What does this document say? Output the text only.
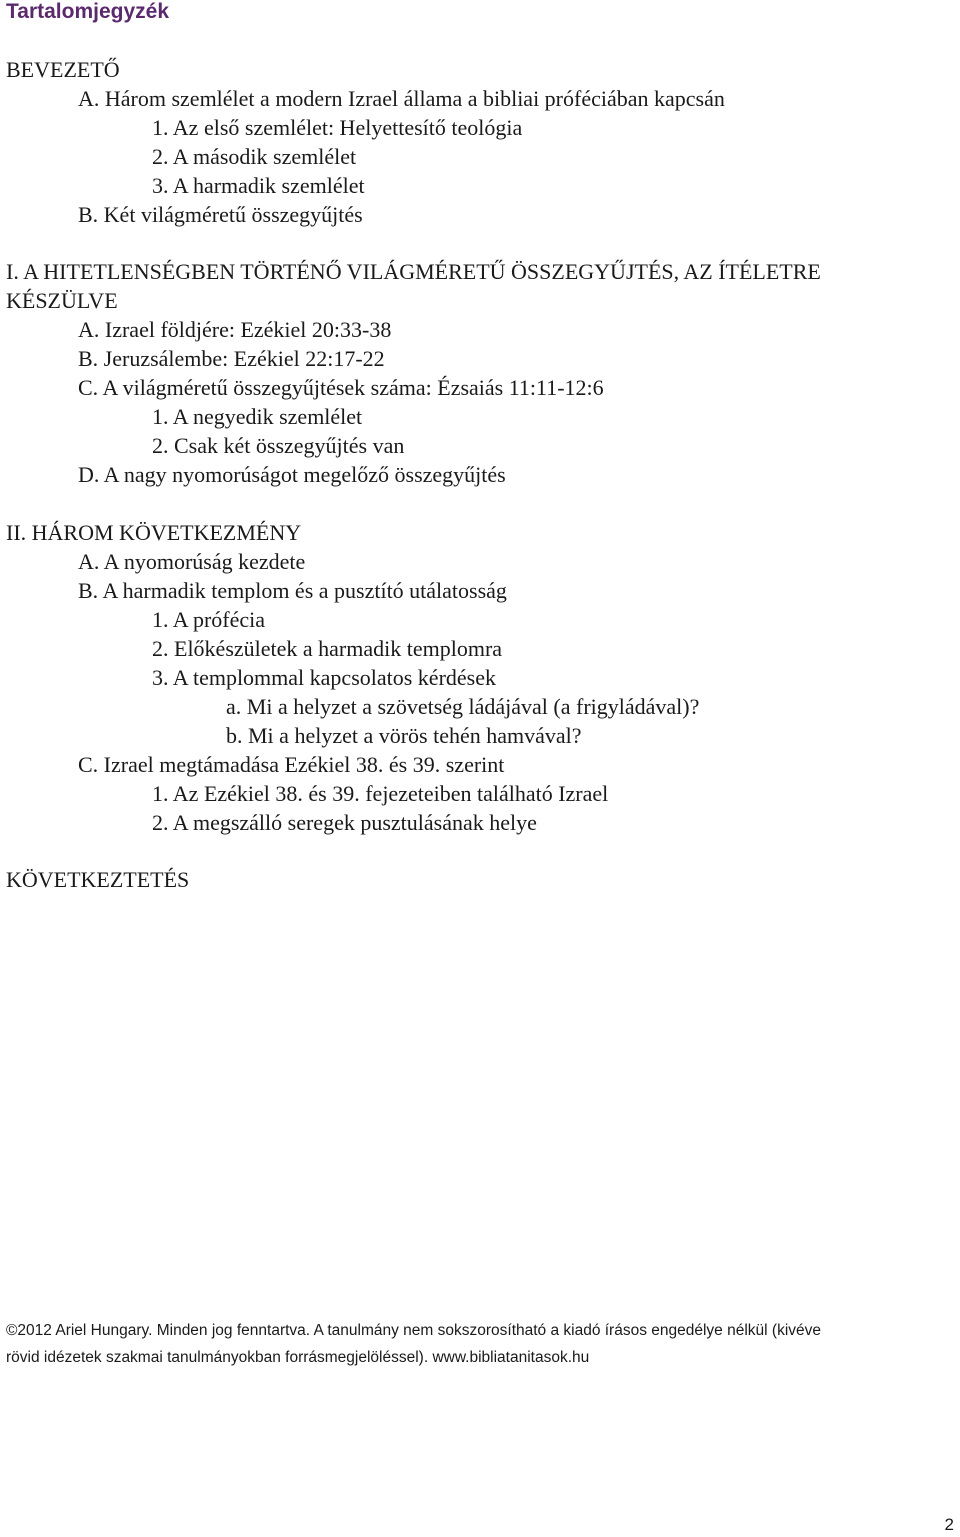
Tartalomjegyzék
BEVEZETŐ
A. Három szemlélet a modern Izrael állama a bibliai próféciában kapcsán
1. Az első szemlélet: Helyettesítő teológia
2. A második szemlélet
3. A harmadik szemlélet
B. Két világméretű összegyűjtés
I. A HITETLENSÉGBEN TÖRTÉNŐ VILÁGMÉRETŰ ÖSSZEGYŰJTÉS, AZ ÍTÉLETRE
KÉSZÜLVE
A. Izrael földjére: Ezékiel 20:33-38
B. Jeruzsálembe: Ezékiel 22:17-22
C. A világméretű összegyűjtések száma: Ézsaiás 11:11-12:6
1. A negyedik szemlélet
2. Csak két összegyűjtés van
D. A nagy nyomorúságot megelőző összegyűjtés
II. HÁROM KÖVETKEZMÉNY
A. A nyomorúság kezdete
B. A harmadik templom és a pusztító utálatosság
1. A prófécia
2. Előkészületek a harmadik templomra
3. A templommal kapcsolatos kérdések
a. Mi a helyzet a szövetség ládájával (a frigyládával)?
b. Mi a helyzet a vörös tehén hamvával?
C. Izrael megtámadása Ezékiel 38. és 39. szerint
1. Az Ezékiel 38. és 39. fejezeteiben található Izrael
2. A megszálló seregek pusztulásának helye
KÖVETKEZTETÉS
©2012 Ariel Hungary. Minden jog fenntartva. A tanulmány nem sokszorosítható a kiadó írásos engedélye nélkül (kivéve
rövid idézetek szakmai tanulmányokban forrásmegjelöléssel). www.bibliatanitasok.hu
2
